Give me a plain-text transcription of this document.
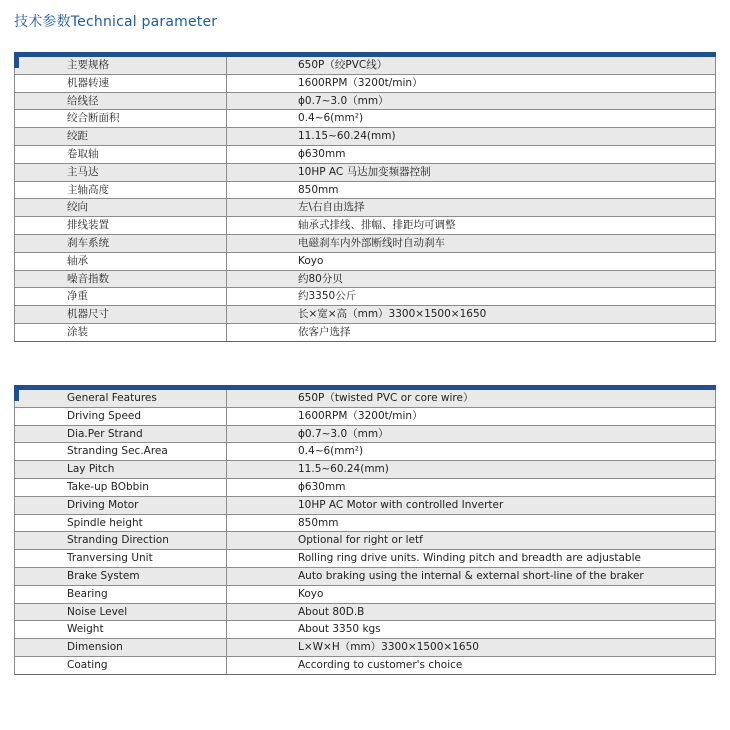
技术参数Technical parameter
主要规格	650P（绞PVC线）
机器转速	1600RPM（3200t/min）
给线径	ϕ0.7~3.0（mm）
绞合断面积	0.4~6(mm²)
绞距	11.15~60.24(mm)
卷取轴	ϕ630mm
主马达	10HP AC 马达加变频器控制
主轴高度	850mm
绞向	左\右自由选择
排线装置	轴承式排线、排幅、排距均可调整
刹车系统	电磁刹车内外部断线时自动刹车
轴承	Koyo
噪音指数	约80分贝
净重	约3350公斤
机器尺寸	长×宽×高（mm）3300×1500×1650
涂装	依客户选择
General Features	650P（twisted PVC or core wire）
Driving Speed	1600RPM（3200t/min）
Dia.Per Strand	ϕ0.7~3.0（mm）
Stranding Sec.Area	0.4~6(mm²)
Lay Pitch	11.5~60.24(mm)
Take-up BObbin	ϕ630mm
Driving Motor	10HP AC Motor with controlled Inverter
Spindle height	850mm
Stranding Direction	Optional for right or letf
Tranversing Unit	Rolling ring drive units. Winding pitch and breadth are adjustable
Brake System	Auto braking using the internal & external short-line of the braker
Bearing	Koyo
Noise Level	About 80D.B
Weight	About 3350 kgs
Dimension	L×W×H（mm）3300×1500×1650
Coating	According to customer's choice
